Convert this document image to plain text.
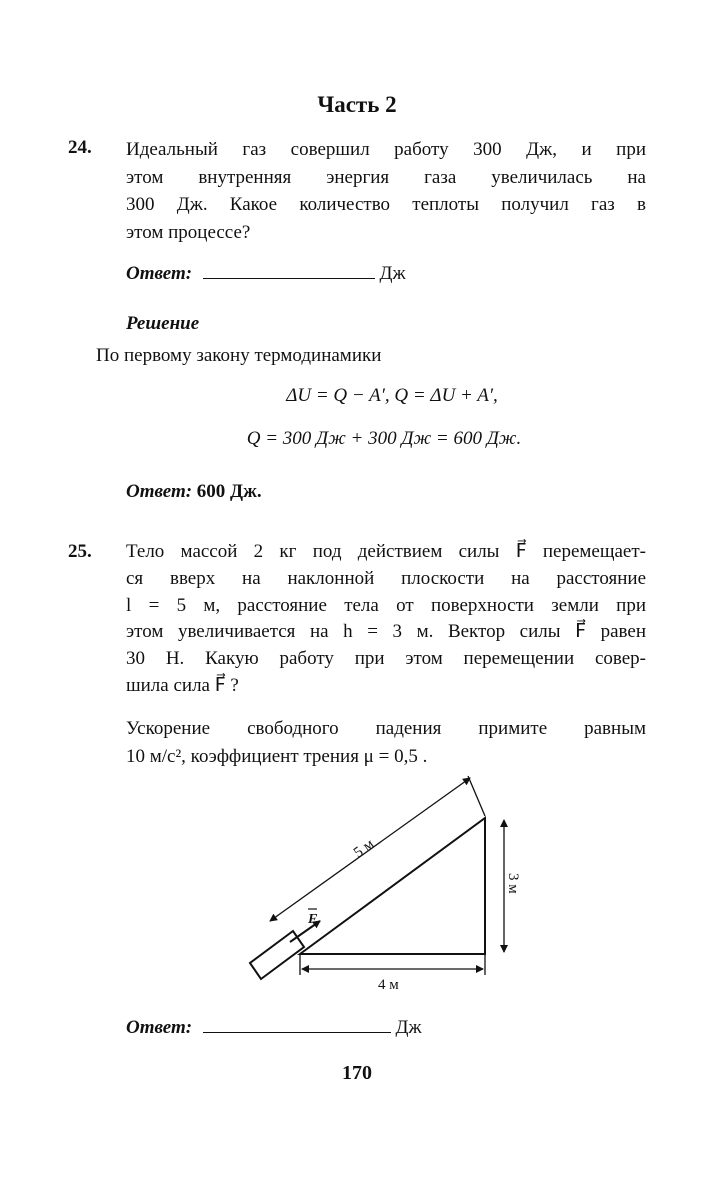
Часть 2
24. Идеальный газ совершил работу 300 Дж, и при
этом внутренняя энергия газа увеличилась на
300 Дж. Какое количество теплоты получил газ в
этом процессе?
Ответ:	Дж
Решение
По первому закону термодинамики
ΔU = Q − A′, Q = ΔU + A′,
Q = 300 Дж + 300 Дж = 600 Дж.
Ответ: 600 Дж.
25. Тело массой 2 кг под действием силы F⃗ перемещает-
ся вверх на наклонной плоскости на расстояние
l = 5 м, расстояние тела от поверхности земли при
этом увеличивается на h = 3 м. Вектор силы F⃗ равен
30 Н. Какую работу при этом перемещении совер-
шила сила F⃗ ?
Ускорение свободного падения примите равным
10 м/с², коэффициент трения μ = 0,5 .
F
5 м
3 м
4 м
Ответ:	Дж
170
